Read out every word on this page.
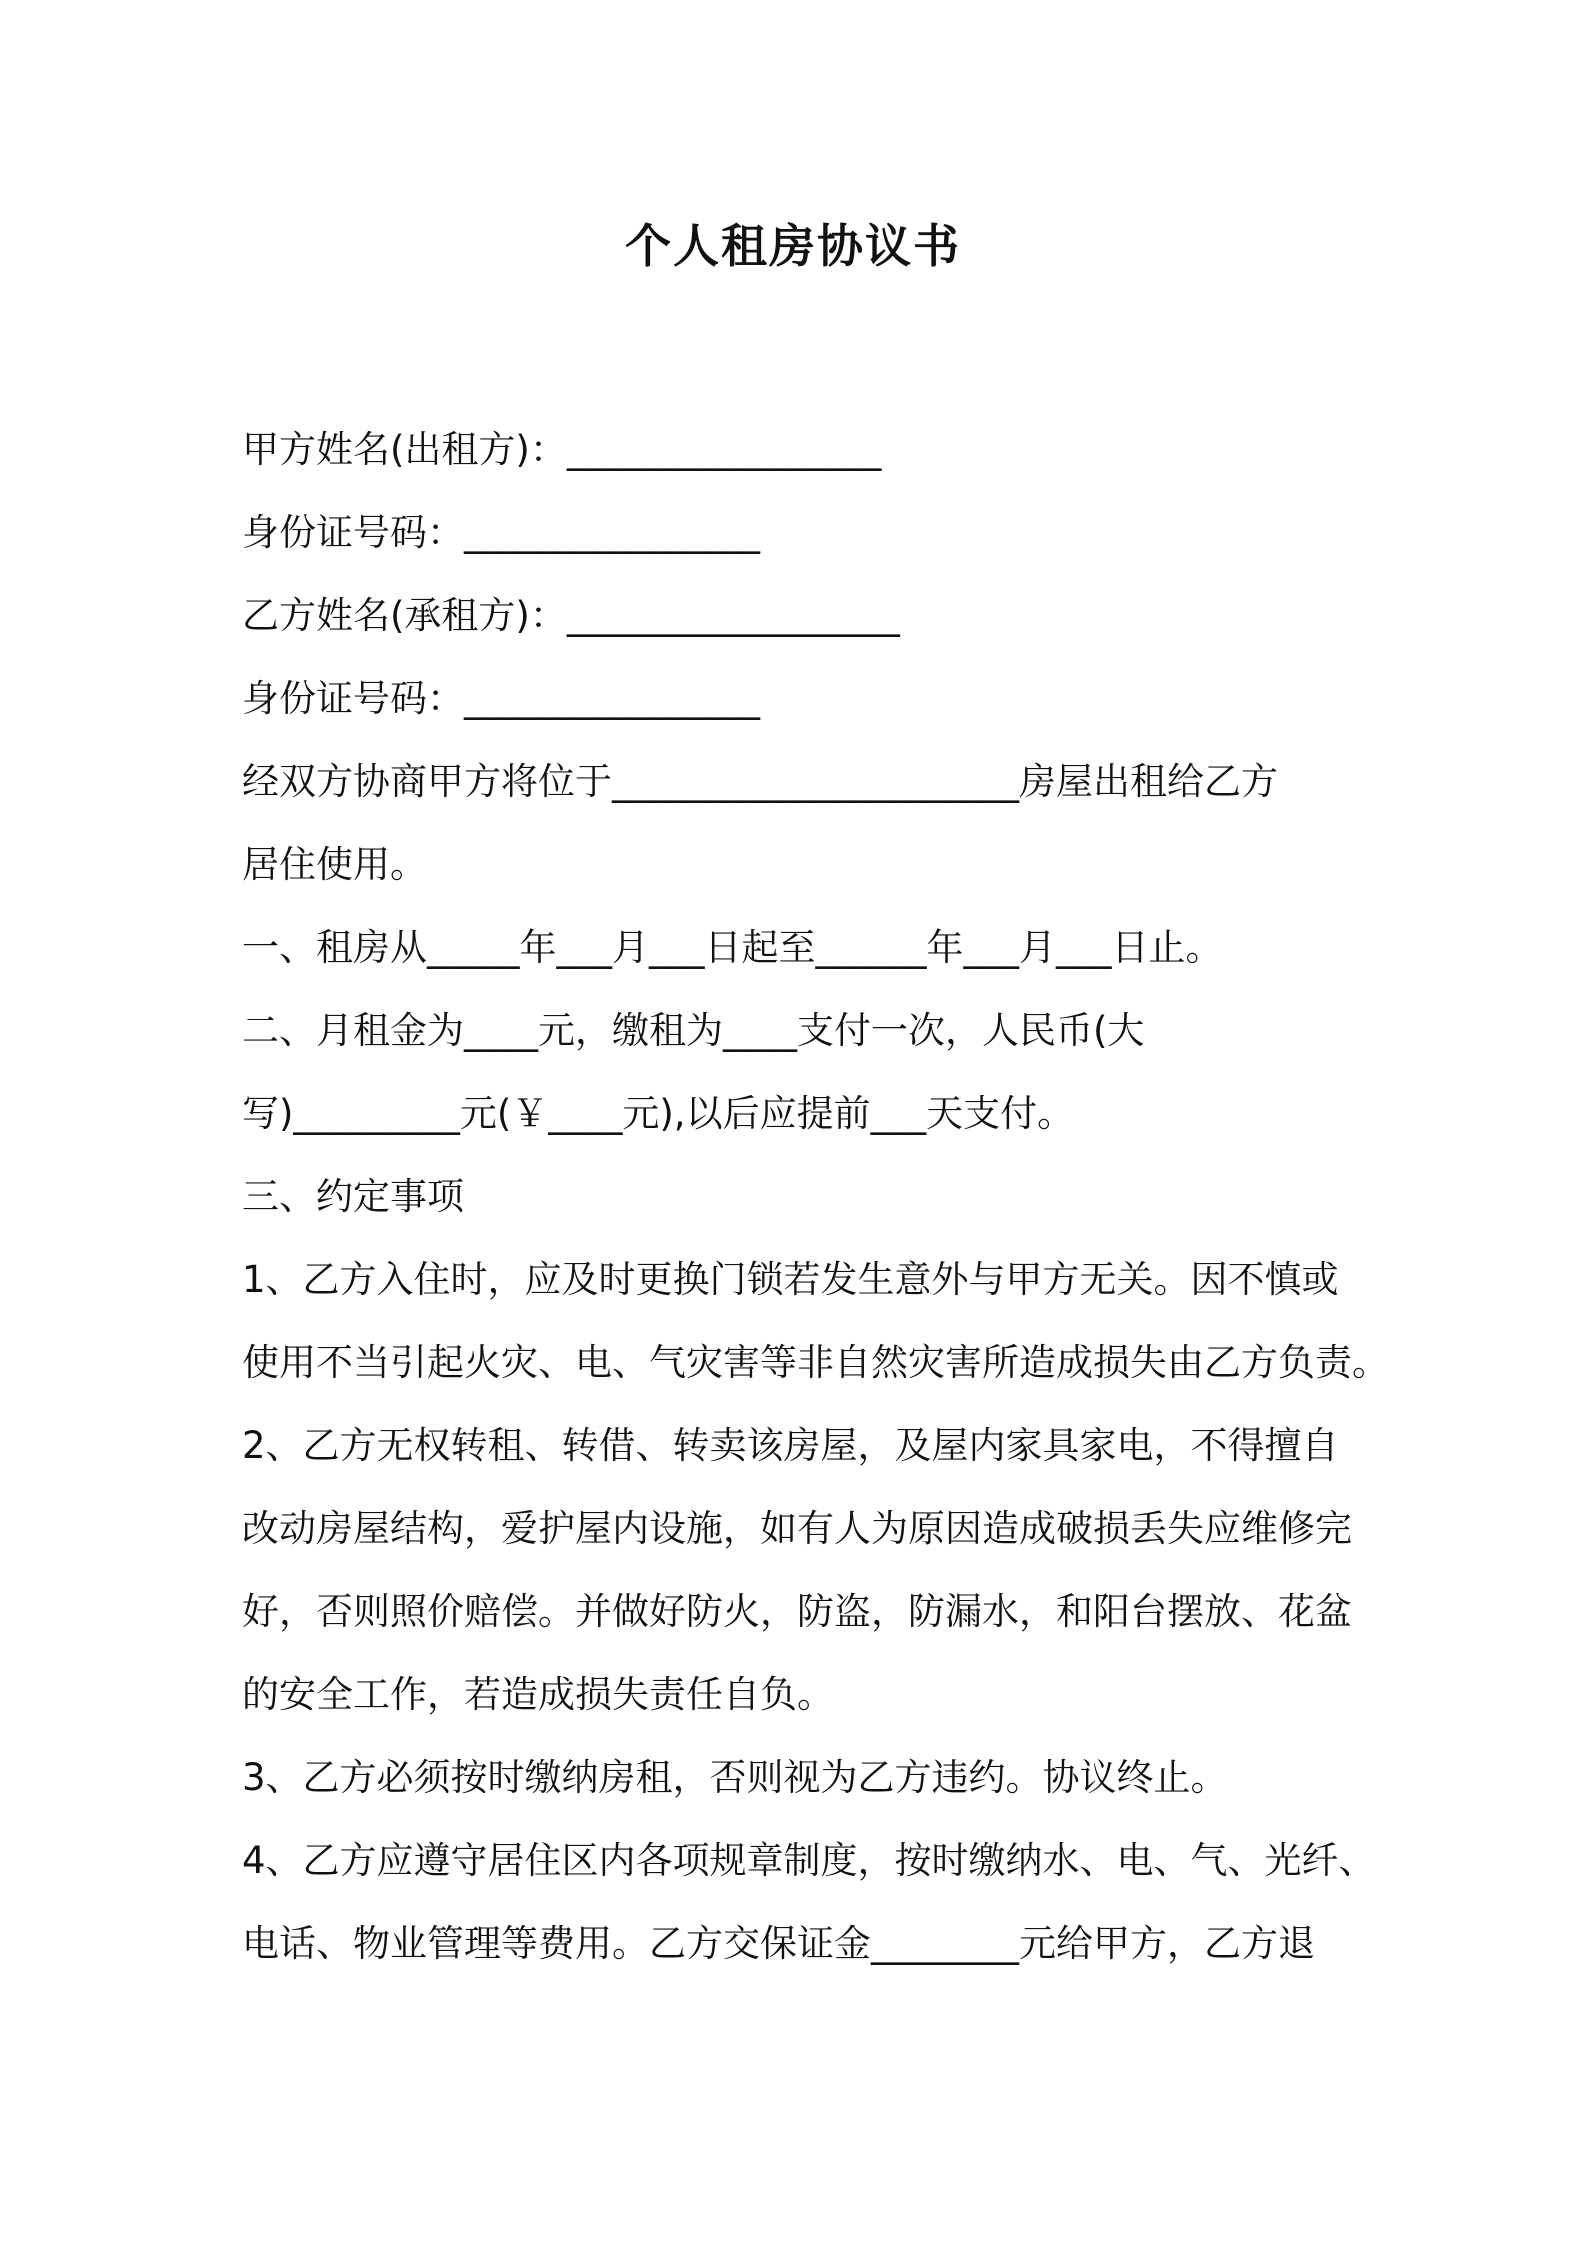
个人租房协议书
甲方姓名(出租方)：_________________
身份证号码：________________
乙方姓名(承租方)：__________________
身份证号码：________________
经双方协商甲方将位于______________________房屋出租给乙方
居住使用。
一、租房从_____年___月___日起至______年___月___日止。
二、月租金为____元，缴租为____支付一次，人民币(大
写)_________元(￥____元),以后应提前___天支付。
三、约定事项
1、乙方入住时，应及时更换门锁若发生意外与甲方无关。因不慎或
使用不当引起火灾、电、气灾害等非自然灾害所造成损失由乙方负责。
2、乙方无权转租、转借、转卖该房屋，及屋内家具家电，不得擅自
改动房屋结构，爱护屋内设施，如有人为原因造成破损丢失应维修完
好，否则照价赔偿。并做好防火，防盗，防漏水，和阳台摆放、花盆
的安全工作，若造成损失责任自负。
3、乙方必须按时缴纳房租，否则视为乙方违约。协议终止。
4、乙方应遵守居住区内各项规章制度，按时缴纳水、电、气、光纤、
电话、物业管理等费用。乙方交保证金________元给甲方，乙方退
